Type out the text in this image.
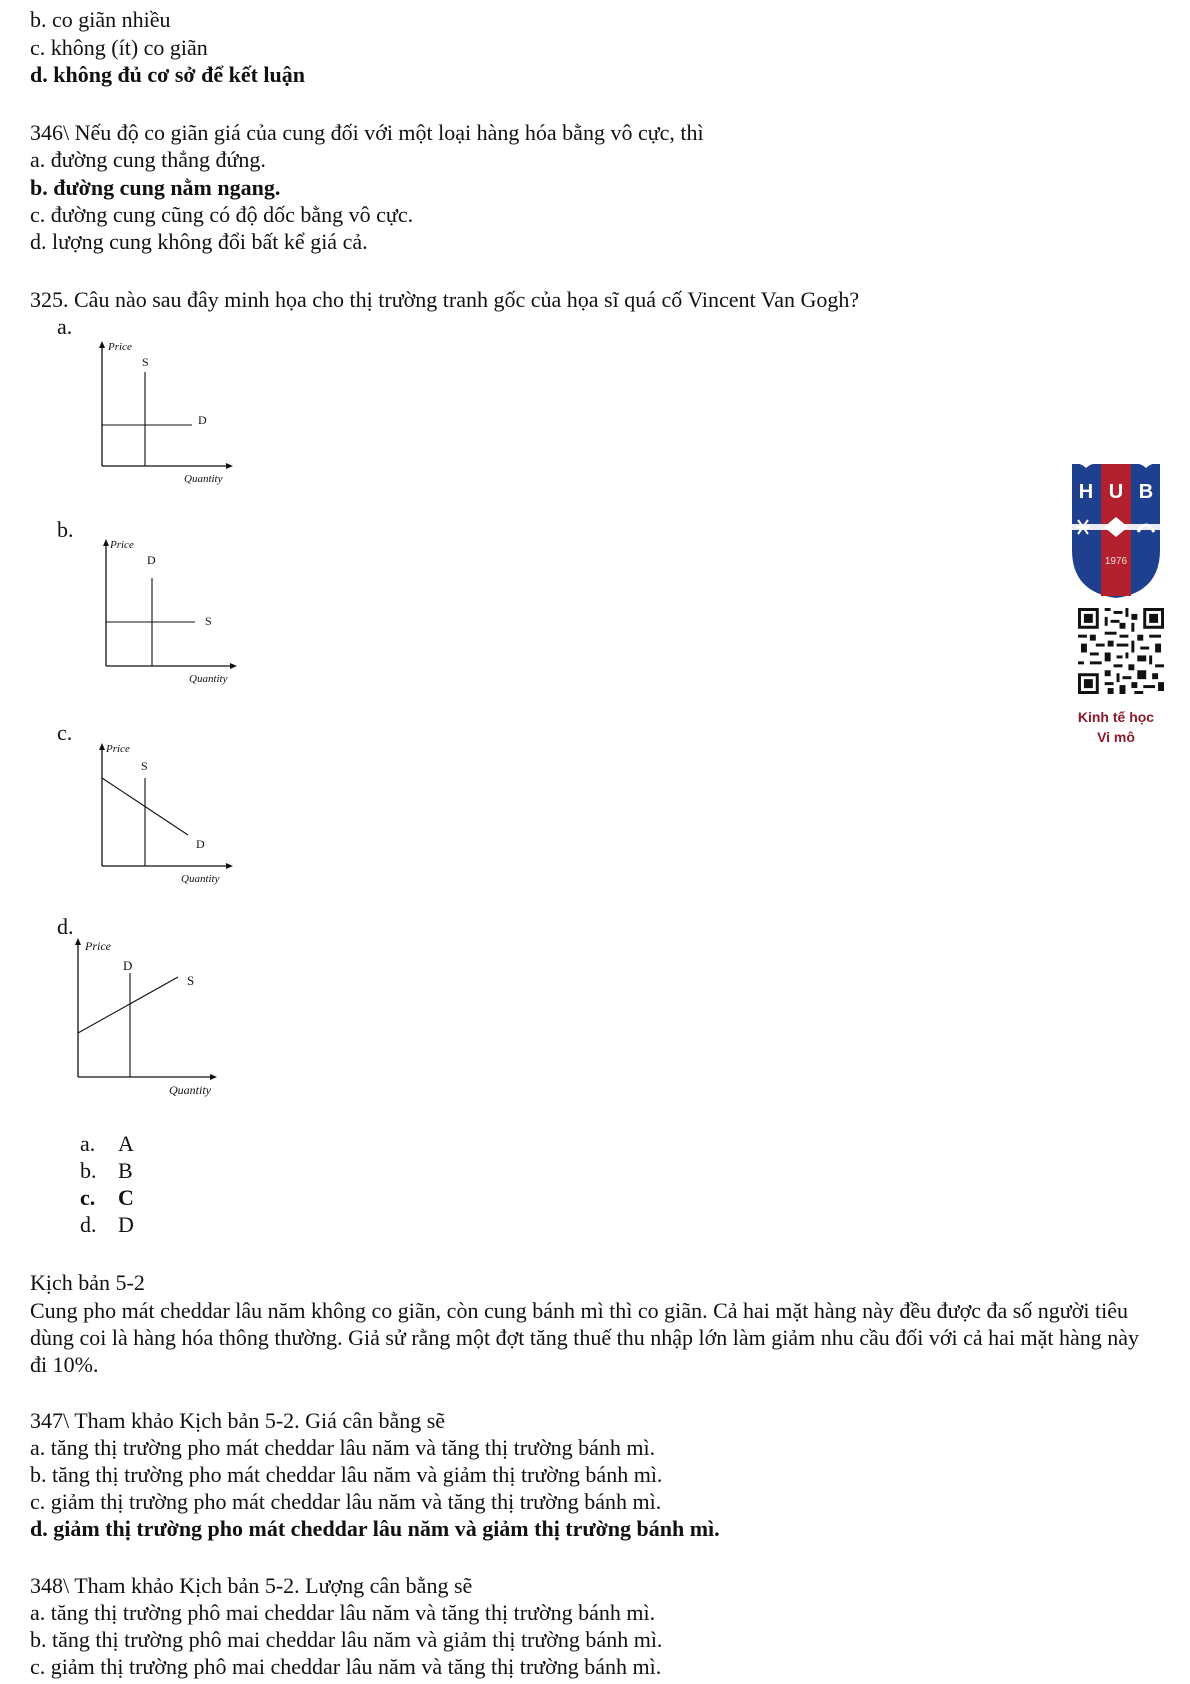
b. co giãn nhiều
c. không (ít) co giãn
d. không đủ cơ sở để kết luận
346\ Nếu độ co giãn giá của cung đối với một loại hàng hóa bằng vô cực, thì
a. đường cung thẳng đứng.
b. đường cung nằm ngang.
c. đường cung cũng có độ dốc bằng vô cực.
d. lượng cung không đổi bất kể giá cả.
325. Câu nào sau đây minh họa cho thị trường tranh gốc của họa sĩ quá cố Vincent Van Gogh?
a.
Price
S
D
Quantity
b.
Price
D
S
Quantity
c.
Price
S
D
Quantity
d.
Price
D
S
Quantity
a. A
b. B
c. C
d. D
Kịch bản 5-2
Cung pho mát cheddar lâu năm không co giãn, còn cung bánh mì thì co giãn. Cả hai mặt hàng này đều được đa số người tiêu dùng coi là hàng hóa thông thường. Giả sử rằng một đợt tăng thuế thu nhập lớn làm giảm nhu cầu đối với cả hai mặt hàng này đi 10%.
347\ Tham khảo Kịch bản 5-2. Giá cân bằng sẽ
a. tăng thị trường pho mát cheddar lâu năm và tăng thị trường bánh mì.
b. tăng thị trường pho mát cheddar lâu năm và giảm thị trường bánh mì.
c. giảm thị trường pho mát cheddar lâu năm và tăng thị trường bánh mì.
d. giảm thị trường pho mát cheddar lâu năm và giảm thị trường bánh mì.
348\ Tham khảo Kịch bản 5-2. Lượng cân bằng sẽ
a. tăng thị trường phô mai cheddar lâu năm và tăng thị trường bánh mì.
b. tăng thị trường phô mai cheddar lâu năm và giảm thị trường bánh mì.
c. giảm thị trường phô mai cheddar lâu năm và tăng thị trường bánh mì.
H U B
1976
Kinh tế học
Vi mô
